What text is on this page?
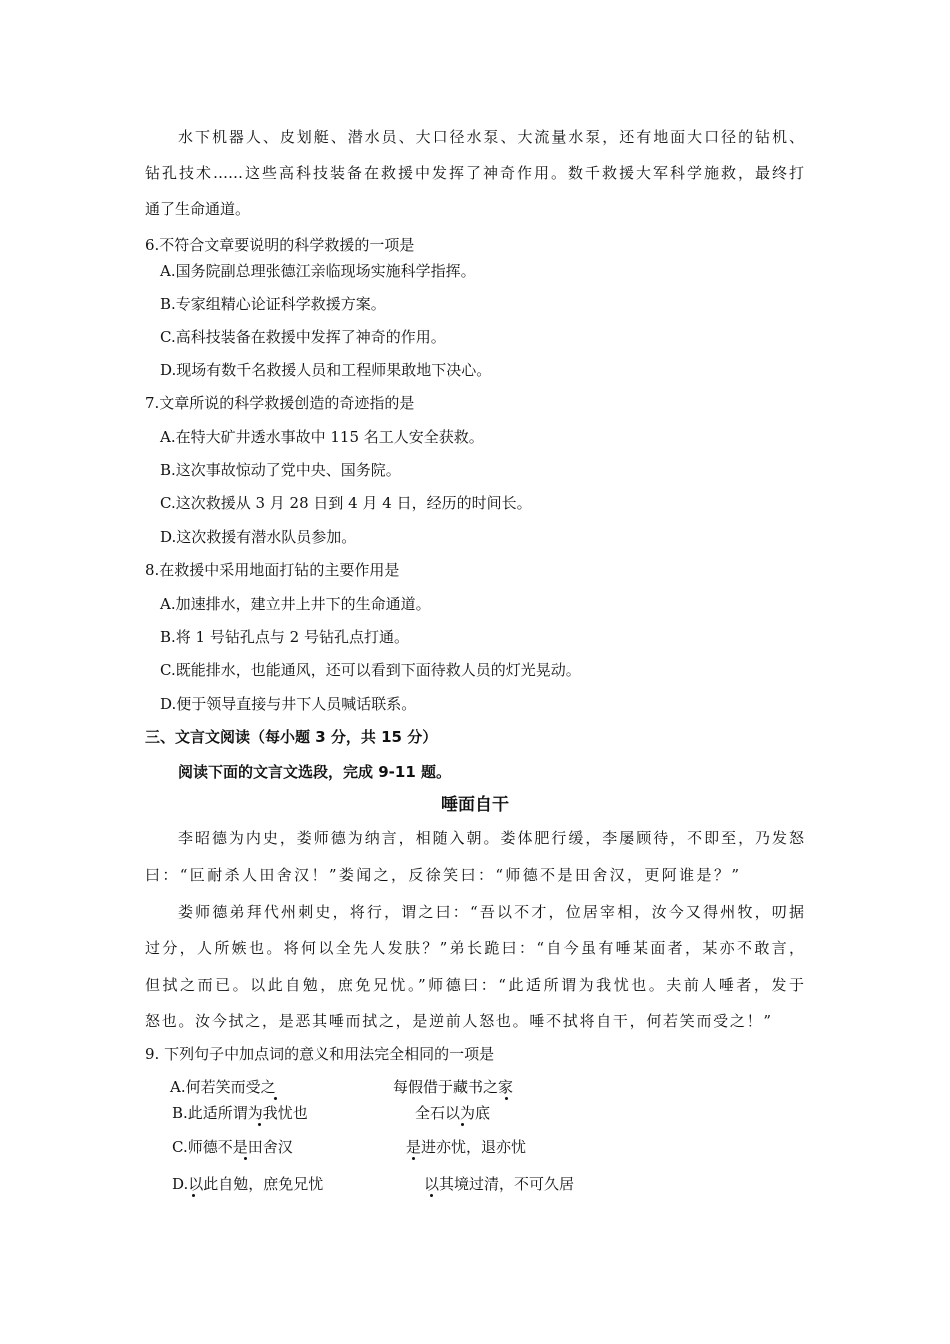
水下机器人、皮划艇、潜水员、大口径水泵、大流量水泵，还有地面大口径的钻机、
钻孔技术……这些高科技装备在救援中发挥了神奇作用。数千救援大军科学施救，最终打
通了生命通道。
6.不符合文章要说明的科学救援的一项是
A.国务院副总理张德江亲临现场实施科学指挥。
B.专家组精心论证科学救援方案。
C.高科技装备在救援中发挥了神奇的作用。
D.现场有数千名救援人员和工程师果敢地下决心。
7.文章所说的科学救援创造的奇迹指的是
A.在特大矿井透水事故中 115 名工人安全获救。
B.这次事故惊动了党中央、国务院。
C.这次救援从 3 月 28 日到 4 月 4 日，经历的时间长。
D.这次救援有潜水队员参加。
8.在救援中采用地面打钻的主要作用是
A.加速排水，建立井上井下的生命通道。
B.将 1 号钻孔点与 2 号钻孔点打通。
C.既能排水，也能通风，还可以看到下面待救人员的灯光晃动。
D.便于领导直接与井下人员喊话联系。
三、文言文阅读（每小题 3 分，共 15 分）
阅读下面的文言文选段，完成 9-11 题。
唾面自干
李昭德为内史，娄师德为纳言，相随入朝。娄体肥行缓，李屡顾待，不即至，乃发怒
曰：“叵耐杀人田舍汉！”娄闻之，反徐笑曰：“师德不是田舍汉，更阿谁是？”
娄师德弟拜代州刺史，将行，谓之曰：“吾以不才，位居宰相，汝今又得州牧，叨据
过分，人所嫉也。将何以全先人发肤？”弟长跪曰：“自今虽有唾某面者，某亦不敢言，
但拭之而已。以此自勉，庶免兄忧。”师德曰：“此适所谓为我忧也。夫前人唾者，发于
怒也。汝今拭之，是恶其唾而拭之，是逆前人怒也。唾不拭将自干，何若笑而受之！”
9. 下列句子中加点词的意义和用法完全相同的一项是
A.何若笑而受之	每假借于藏书之家
B.此适所谓为我忧也	全石以为底
C.师德不是田舍汉	是进亦忧，退亦忧
D.以此自勉，庶免兄忧	以其境过清，不可久居
